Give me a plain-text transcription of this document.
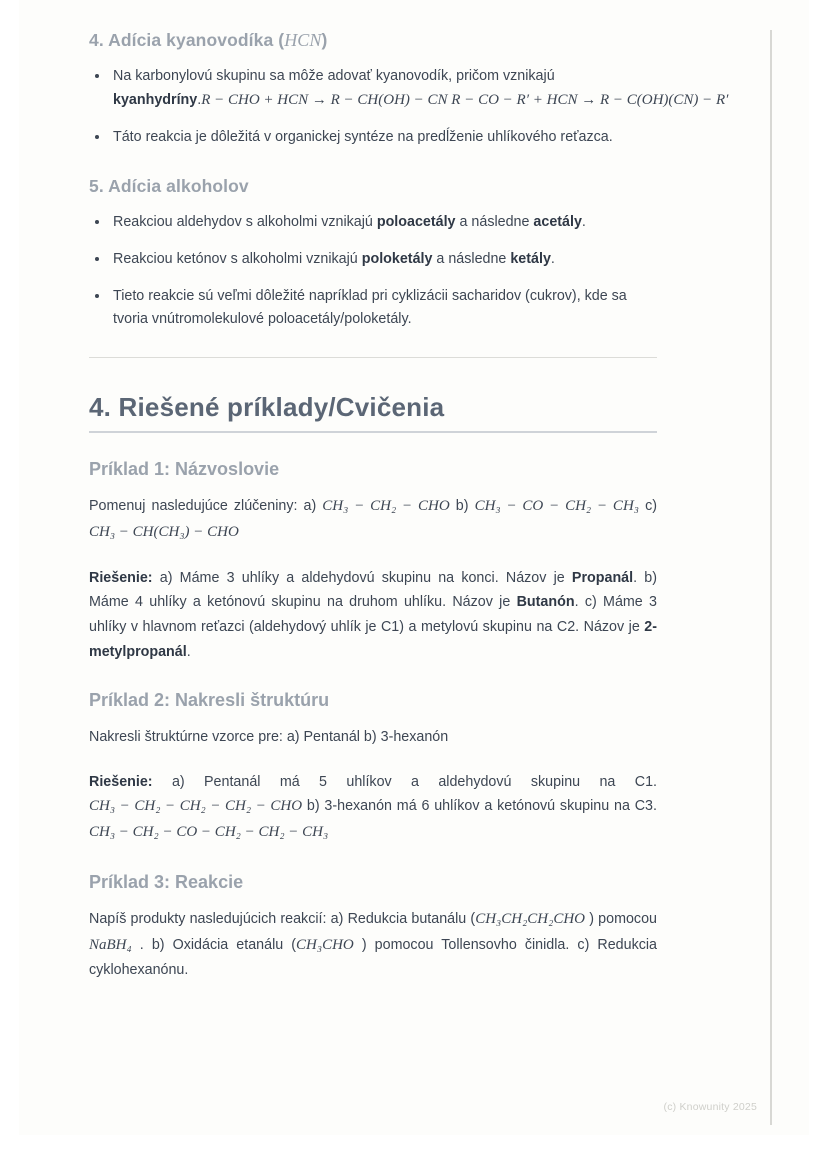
4. Adícia kyanovodíka (HCN)
Na karbonylovú skupinu sa môže adovať kyanovodík, pričom vznikajú kyanhydríny.R − CHO + HCN → R − CH(OH) − CN R − CO − R′ + HCN → R − C(OH)(CN) − R′
Táto reakcia je dôležitá v organickej syntéze na predĺženie uhlíkového reťazca.
5. Adícia alkoholov
Reakciou aldehydov s alkoholmi vznikajú poloacetály a následne acetály.
Reakciou ketónov s alkoholmi vznikajú poloketály a následne ketály.
Tieto reakcie sú veľmi dôležité napríklad pri cyklizácii sacharidov (cukrov), kde sa tvoria vnútromolekulové poloacetály/poloketály.
4. Riešené príklady/Cvičenia
Príklad 1: Názvoslovie

Pomenuj nasledujúce zlúčeniny: a) CH₃ − CH₂ − CHO b) CH₃ − CO − CH₂ − CH₃ c) CH₃ − CH(CH₃) − CHO

Riešenie: a) Máme 3 uhlíky a aldehydovú skupinu na konci. Názov je Propanál. b) Máme 4 uhlíky a ketónovú skupinu na druhom uhlíku. Názov je Butanón. c) Máme 3 uhlíky v hlavnom reťazci (aldehydový uhlík je C1) a metylovú skupinu na C2. Názov je 2-metylpropanál.

Príklad 2: Nakresli štruktúru

Nakresli štruktúrne vzorce pre: a) Pentanál b) 3-hexanón

Riešenie: a) Pentanál má 5 uhlíkov a aldehydovú skupinu na C1. CH₃ − CH₂ − CH₂ − CH₂ − CHO b) 3-hexanón má 6 uhlíkov a ketónovú skupinu na C3. CH₃ − CH₂ − CO − CH₂ − CH₂ − CH₃

Príklad 3: Reakcie

Napíš produkty nasledujúcich reakcií: a) Redukcia butanálu (CH₃CH₂CH₂CHO ) pomocou NaBH₄ . b) Oxidácia etanálu (CH₃CHO ) pomocou Tollensovho činidla. c) Redukcia cyklohexanónu.

(c) Knowunity 2025
